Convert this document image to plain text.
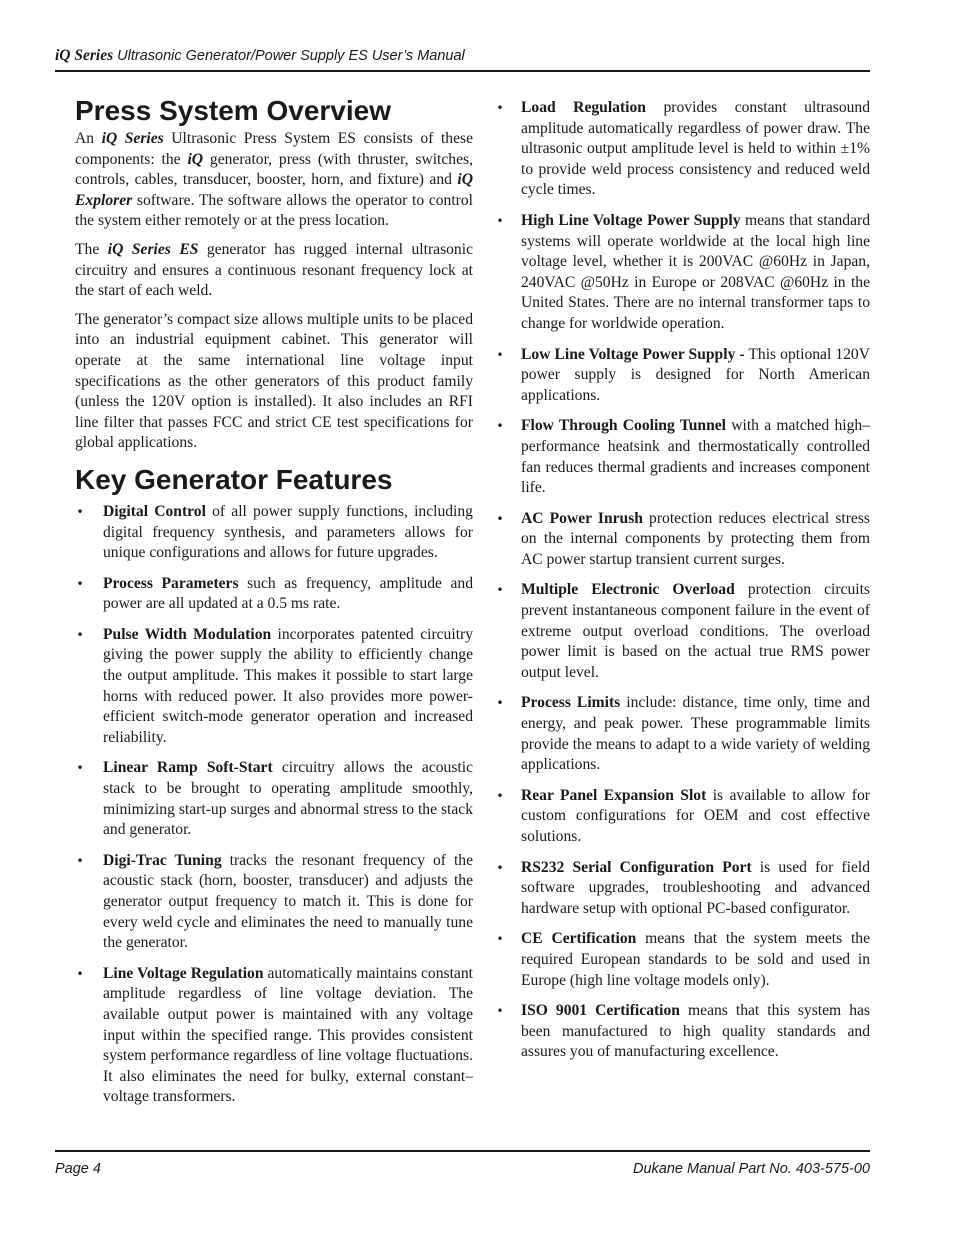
iQ Series Ultrasonic Generator/Power Supply ES User’s Manual
Press System Overview

An iQ Series Ultrasonic Press System ES consists of these components: the iQ generator, press (with thruster, switches, controls, cables, transducer, booster, horn, and fixture) and iQ Explorer software. The software allows the operator to control the system either remotely or at the press location.

The iQ Series ES generator has rugged internal ultrasonic circuitry and ensures a continuous resonant frequency lock at the start of each weld.

The generator’s compact size allows multiple units to be placed into an industrial equipment cabinet. This generator will operate at the same international line voltage input specifications as the other generators of this product family (unless the 120V option is installed). It also includes an RFI line filter that passes FCC and strict CE test specifications for global applications.

Key Generator Features
• Digital Control of all power supply functions, including digital frequency synthesis, and parameters allows for unique configurations and allows for future upgrades.
• Process Parameters such as frequency, amplitude and power are all updated at a 0.5 ms rate.
• Pulse Width Modulation incorporates patented circuitry giving the power supply the ability to efficiently change the output amplitude. This makes it possible to start large horns with reduced power. It also provides more power-efficient switch-mode generator operation and increased reliability.
• Linear Ramp Soft-Start circuitry allows the acoustic stack to be brought to operating amplitude smoothly, minimizing start-up surges and abnormal stress to the stack and generator.
• Digi-Trac Tuning tracks the resonant frequency of the acoustic stack (horn, booster, transducer) and adjusts the generator output frequency to match it. This is done for every weld cycle and eliminates the need to manually tune the generator.
• Line Voltage Regulation automatically maintains constant amplitude regardless of line voltage deviation. The available output power is maintained with any voltage input within the specified range. This provides consistent system performance regardless of line voltage fluctuations. It also eliminates the need for bulky, external constant–voltage transformers.
• Load Regulation provides constant ultrasound amplitude automatically regardless of power draw. The ultrasonic output amplitude level is held to within ±1% to provide weld process consistency and reduced weld cycle times.
• High Line Voltage Power Supply means that standard systems will operate worldwide at the local high line voltage level, whether it is 200VAC @60Hz in Japan, 240VAC @50Hz in Europe or 208VAC @60Hz in the United States. There are no internal transformer taps to change for worldwide operation.
• Low Line Voltage Power Supply - This optional 120V power supply is designed for North American applications.
• Flow Through Cooling Tunnel with a matched high–performance heatsink and thermostatically controlled fan reduces thermal gradients and increases component life.
• AC Power Inrush protection reduces electrical stress on the internal components by protecting them from AC power startup transient current surges.
• Multiple Electronic Overload protection circuits prevent instantaneous component failure in the event of extreme output overload conditions. The overload power limit is based on the actual true RMS power output level.
• Process Limits include: distance, time only, time and energy, and peak power. These programmable limits provide the means to adapt to a wide variety of welding applications.
• Rear Panel Expansion Slot is available to allow for custom configurations for OEM and cost effective solutions.
• RS232 Serial Configuration Port is used for field software upgrades, troubleshooting and advanced hardware setup with optional PC-based configurator.
• CE Certification means that the system meets the required European standards to be sold and used in Europe (high line voltage models only).
• ISO 9001 Certification means that this system has been manufactured to high quality standards and assures you of manufacturing excellence.
Page 4	Dukane Manual Part No. 403-575-00
